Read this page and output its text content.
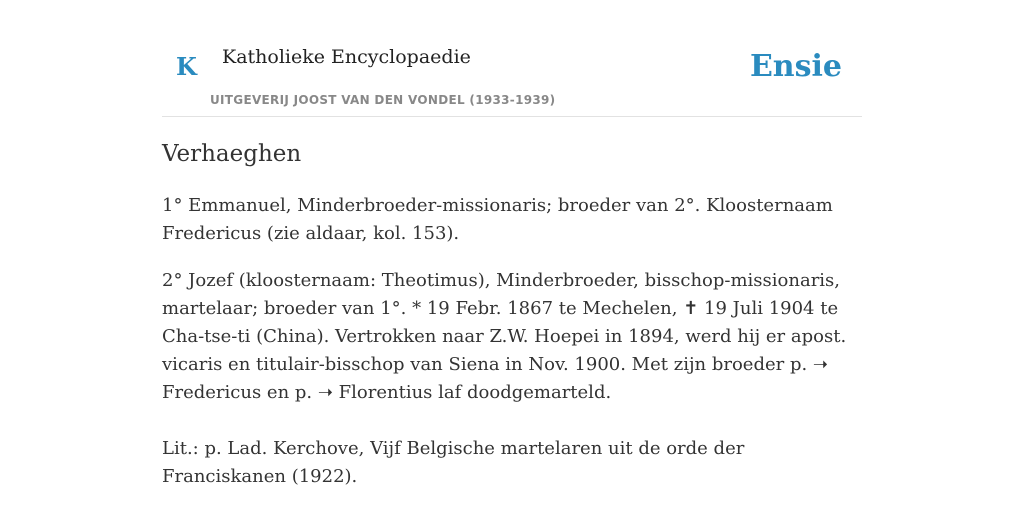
K Katholieke Encyclopaedie
UITGEVERIJ JOOST VAN DEN VONDEL (1933-1939)
Ensie
Verhaeghen

1° Emmanuel, Minderbroeder-missionaris; broeder van 2°. Kloosternaam Fredericus (zie aldaar, kol. 153).

2° Jozef (kloosternaam: Theotimus), Minderbroeder, bisschop-missionaris, martelaar; broeder van 1°. * 19 Febr. 1867 te Mechelen, ✝ 19 Juli 1904 te Cha-tse-ti (China). Vertrokken naar Z.W. Hoepei in 1894, werd hij er apost. vicaris en titulair-bisschop van Siena in Nov. 1900. Met zijn broeder p. ➝ Fredericus en p. ➝ Florentius laf doodgemarteld.

Lit.: p. Lad. Kerchove, Vijf Belgische martelaren uit de orde der Franciskanen (1922).
